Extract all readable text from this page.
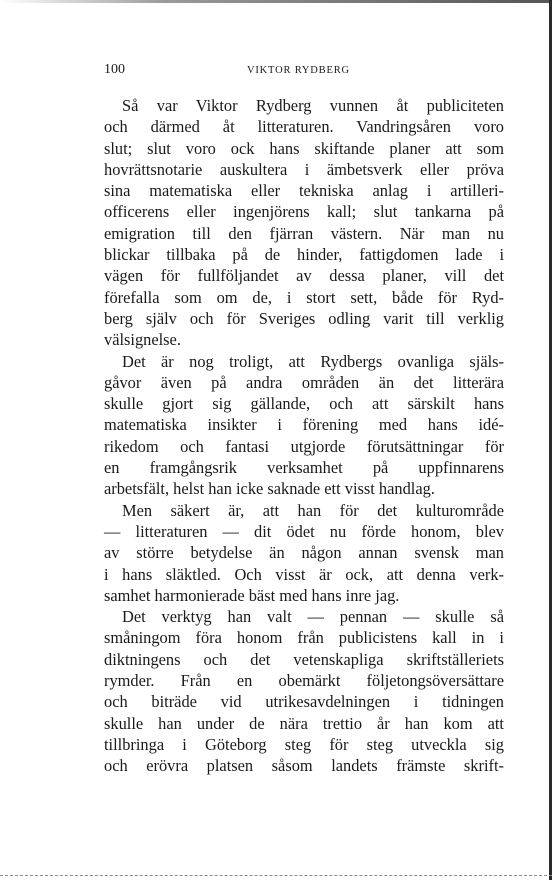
100	VIKTOR RYDBERG
Så var Viktor Rydberg vunnen åt publiciteten
och därmed åt litteraturen. Vandringsåren voro
slut; slut voro ock hans skiftande planer att som
hovrättsnotarie auskultera i ämbetsverk eller pröva
sina matematiska eller tekniska anlag i artilleri-
officerens eller ingenjörens kall; slut tankarna på
emigration till den fjärran västern. När man nu
blickar tillbaka på de hinder, fattigdomen lade i
vägen för fullföljandet av dessa planer, vill det
förefalla som om de, i stort sett, både för Ryd-
berg själv och för Sveriges odling varit till verklig
välsignelse.
Det är nog troligt, att Rydbergs ovanliga själs-
gåvor även på andra områden än det litterära
skulle gjort sig gällande, och att särskilt hans
matematiska insikter i förening med hans idé-
rikedom och fantasi utgjorde förutsättningar för
en framgångsrik verksamhet på uppfinnarens
arbetsfält, helst han icke saknade ett visst handlag.
Men säkert är, att han för det kulturområde
— litteraturen — dit ödet nu förde honom, blev
av större betydelse än någon annan svensk man
i hans släktled. Och visst är ock, att denna verk-
samhet harmonierade bäst med hans inre jag.
Det verktyg han valt — pennan — skulle så
småningom föra honom från publicistens kall in i
diktningens och det vetenskapliga skriftställeriets
rymder. Från en obemärkt följetongsöversättare
och biträde vid utrikesavdelningen i tidningen
skulle han under de nära trettio år han kom att
tillbringa i Göteborg steg för steg utveckla sig
och erövra platsen såsom landets främste skrift-
